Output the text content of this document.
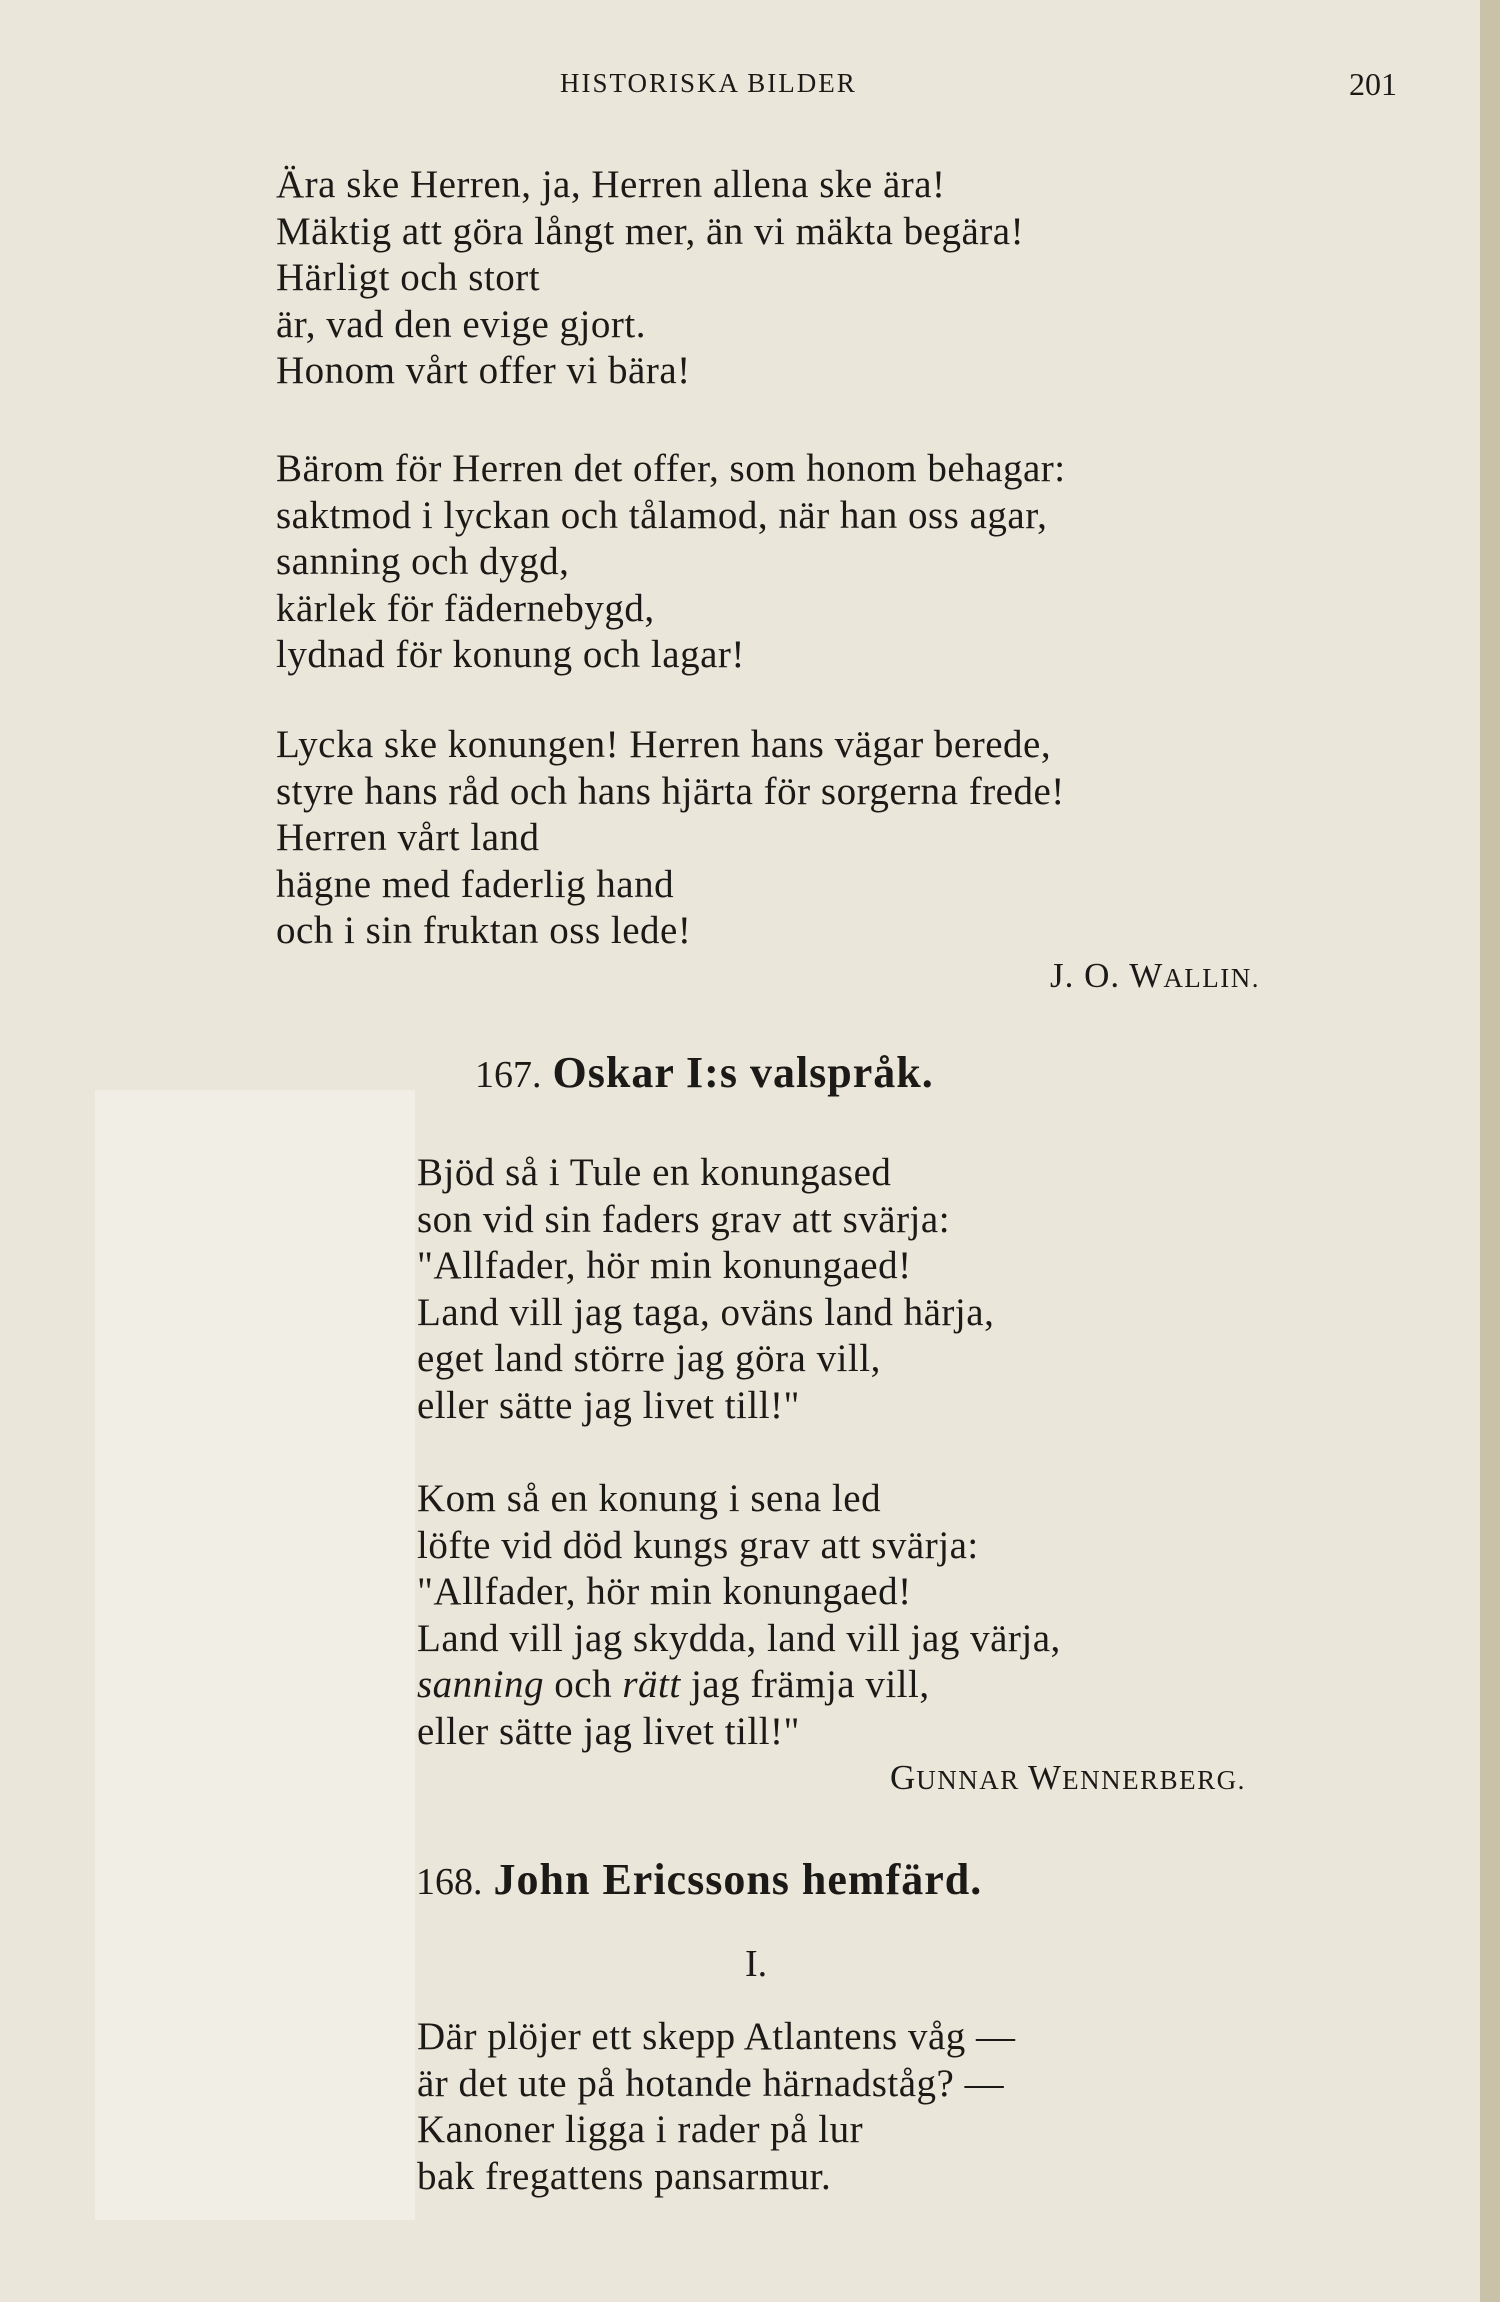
HISTORISKA BILDER	201
Ära ske Herren, ja, Herren allena ske ära!
Mäktig att göra långt mer, än vi mäkta begära!
Härligt och stort
är, vad den evige gjort.
Honom vårt offer vi bära!
Bärom för Herren det offer, som honom behagar:
saktmod i lyckan och tålamod, när han oss agar,
sanning och dygd,
kärlek för fädernebygd,
lydnad för konung och lagar!
Lycka ske konungen! Herren hans vägar berede,
styre hans råd och hans hjärta för sorgerna frede!
Herren vårt land
hägne med faderlig hand
och i sin fruktan oss lede!
J. O. WALLIN.
167. Oskar I:s valspråk.
Bjöd så i Tule en konungased
son vid sin faders grav att svärja:
"Allfader, hör min konungaed!
Land vill jag taga, oväns land härja,
eget land större jag göra vill,
eller sätte jag livet till!"
Kom så en konung i sena led
löfte vid död kungs grav att svärja:
"Allfader, hör min konungaed!
Land vill jag skydda, land vill jag värja,
sanning och rätt jag främja vill,
eller sätte jag livet till!"
GUNNAR WENNERBERG.
168. John Ericssons hemfärd.
I.
Där plöjer ett skepp Atlantens våg —
är det ute på hotande härnadståg? —
Kanoner ligga i rader på lur
bak fregattens pansarmur.
